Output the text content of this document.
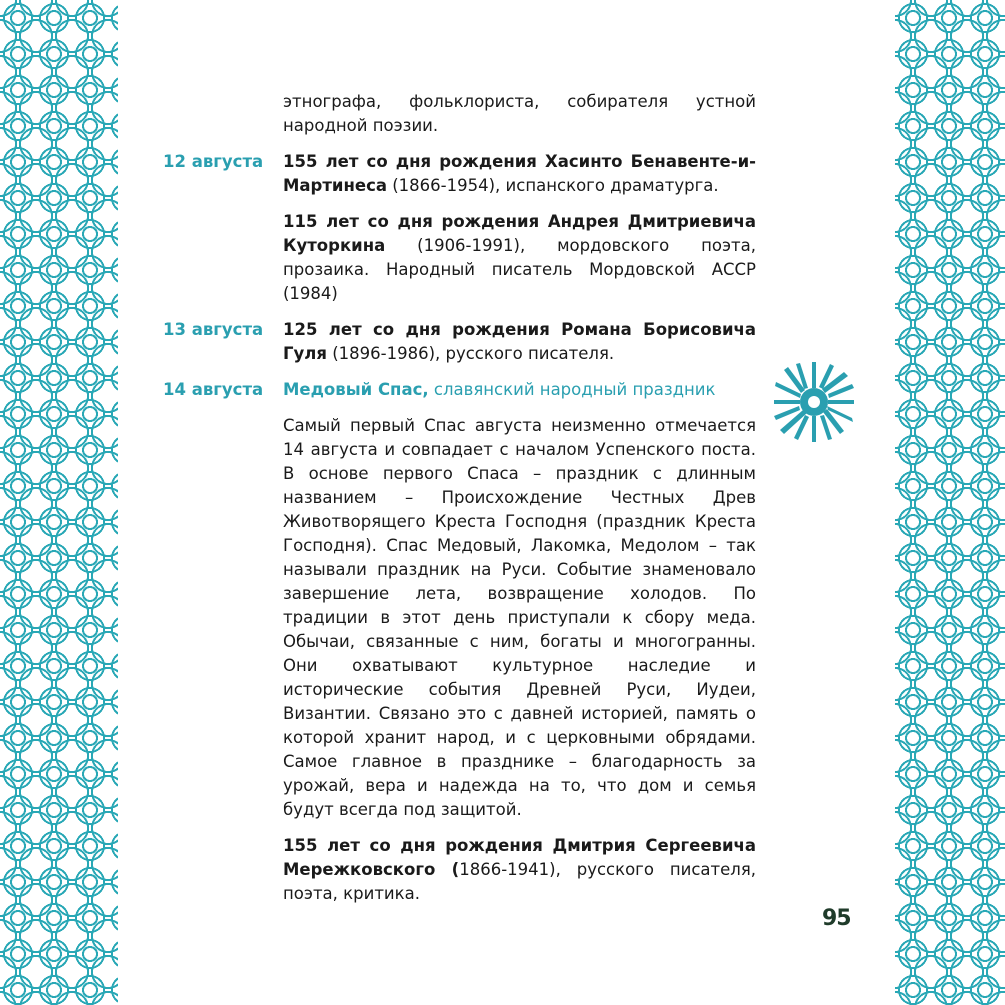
этнографа, фольклориста, собирателя устной народной поэзии.

12 августа	155 лет со дня рождения Хасинто Бенавенте-и-Мартинеса (1866-1954), испанского драматурга.

115 лет со дня рождения Андрея Дмитриевича Куторкина (1906-1991), мордовского поэта, прозаика. Народный писатель Мордовской АССР (1984)

13 августа	125 лет со дня рождения Романа Борисовича Гуля (1896-1986), русского писателя.

14 августа	Медовый Спас, славянский народный праздник

Самый первый Спас августа неизменно отмечается 14 августа и совпадает с началом Успенского поста. В основе первого Спаса – праздник с длинным названием – Происхождение Честных Древ Животворящего Креста Господня (праздник Креста Господня). Спас Медовый, Лакомка, Медолом – так называли праздник на Руси. Событие знаменовало завершение лета, возвращение холодов. По традиции в этот день приступали к сбору меда. Обычаи, связанные с ним, богаты и многогранны. Они охватывают культурное наследие и исторические события Древней Руси, Иудеи, Византии. Связано это с давней историей, память о которой хранит народ, и с церковными обрядами. Самое главное в празднике – благодарность за урожай, вера и надежда на то, что дом и семья будут всегда под защитой.

155 лет со дня рождения Дмитрия Сергеевича Мережковского (1866-1941), русского писателя, поэта, критика.

95
